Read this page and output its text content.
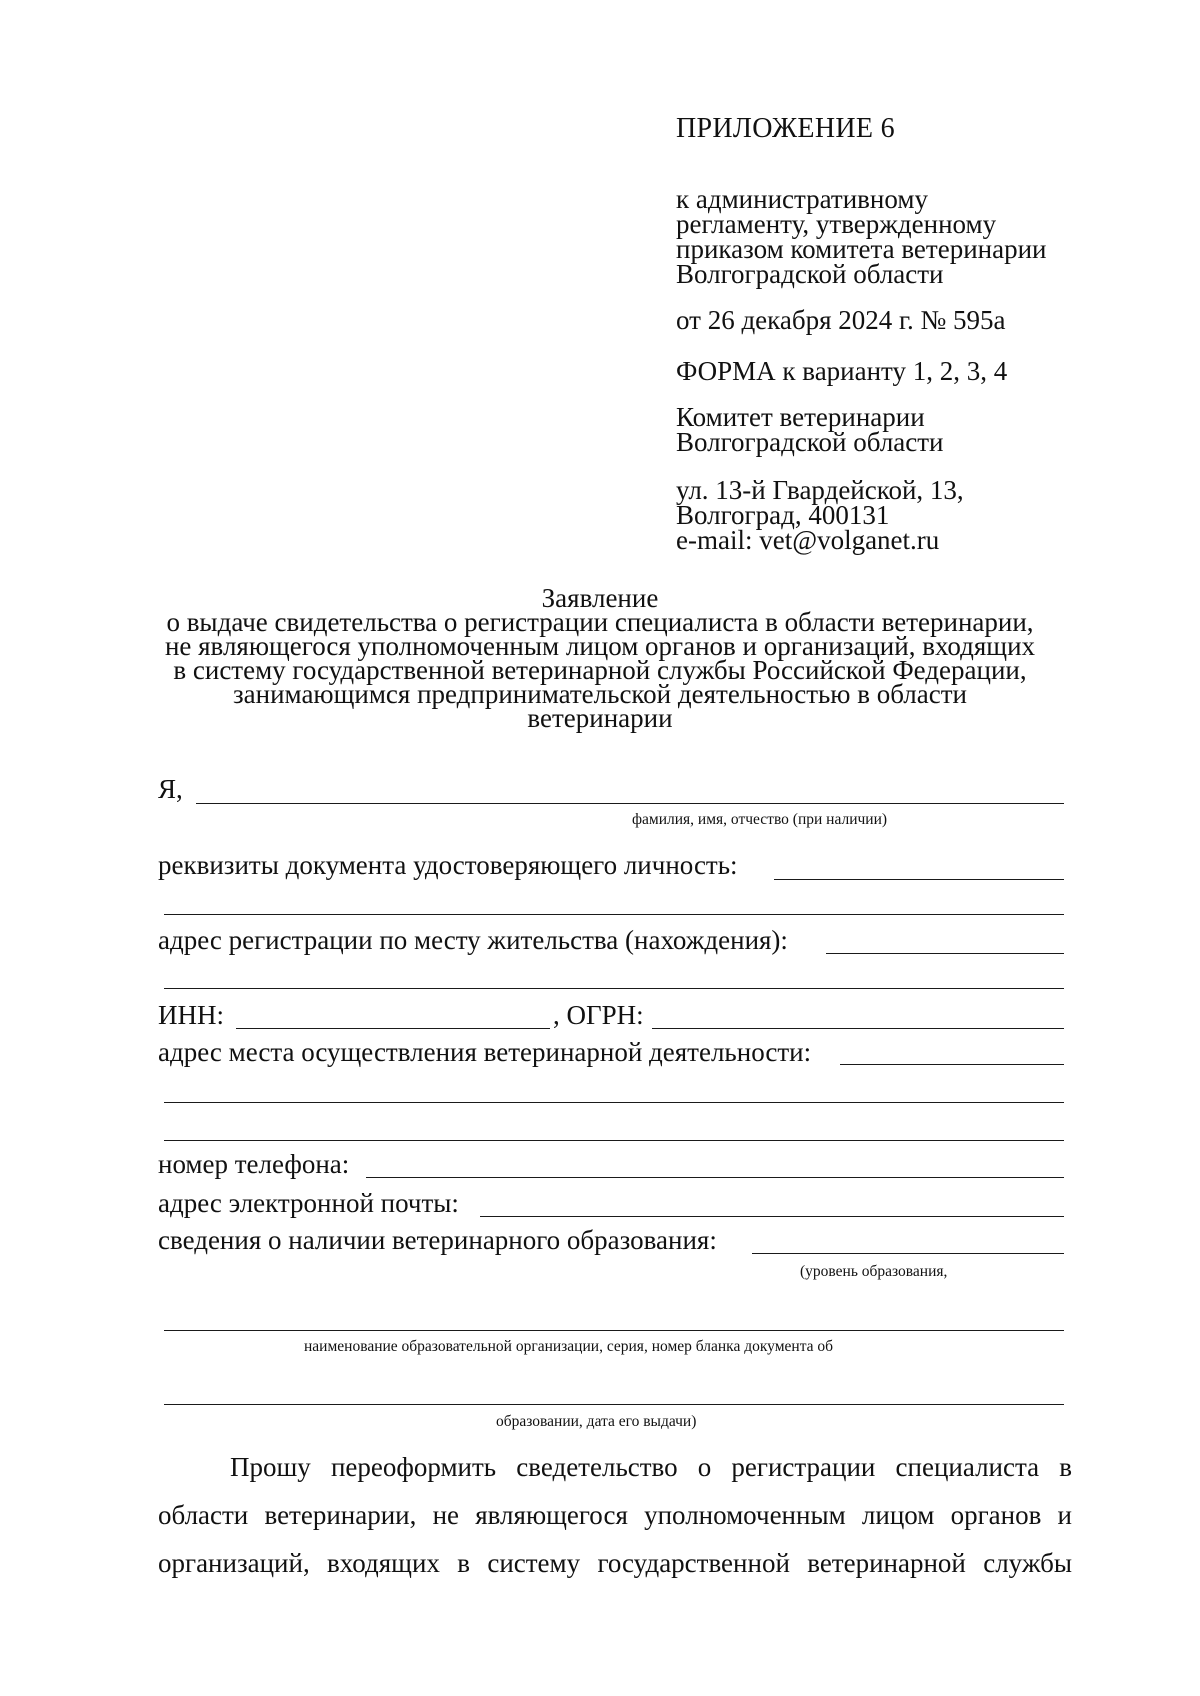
ПРИЛОЖЕНИЕ 6
к административному
регламенту, утвержденному
приказом комитета ветеринарии
Волгоградской области
от 26 декабря 2024 г. № 595а
ФОРМА к варианту 1, 2, 3, 4
Комитет ветеринарии
Волгоградской области
ул. 13-й Гвардейской, 13,
Волгоград, 400131
e-mail: vet@volganet.ru
Заявление
о выдаче свидетельства о регистрации специалиста в области ветеринарии,
не являющегося уполномоченным лицом органов и организаций, входящих
в систему государственной ветеринарной службы Российской Федерации,
занимающимся предпринимательской деятельностью в области
ветеринарии
Я,
фамилия, имя, отчество (при наличии)
реквизиты документа удостоверяющего личность:
адрес регистрации по месту жительства (нахождения):
ИНН:	, ОГРН:
адрес места осуществления ветеринарной деятельности:
номер телефона:
адрес электронной почты:
сведения о наличии ветеринарного образования:
(уровень образования,
наименование образовательной организации, серия, номер бланка документа об
образовании, дата его выдачи)
Прошу переоформить сведетельство о регистрации специалиста в
области ветеринарии, не являющегося уполномоченным лицом органов и
организаций, входящих в систему государственной ветеринарной службы
